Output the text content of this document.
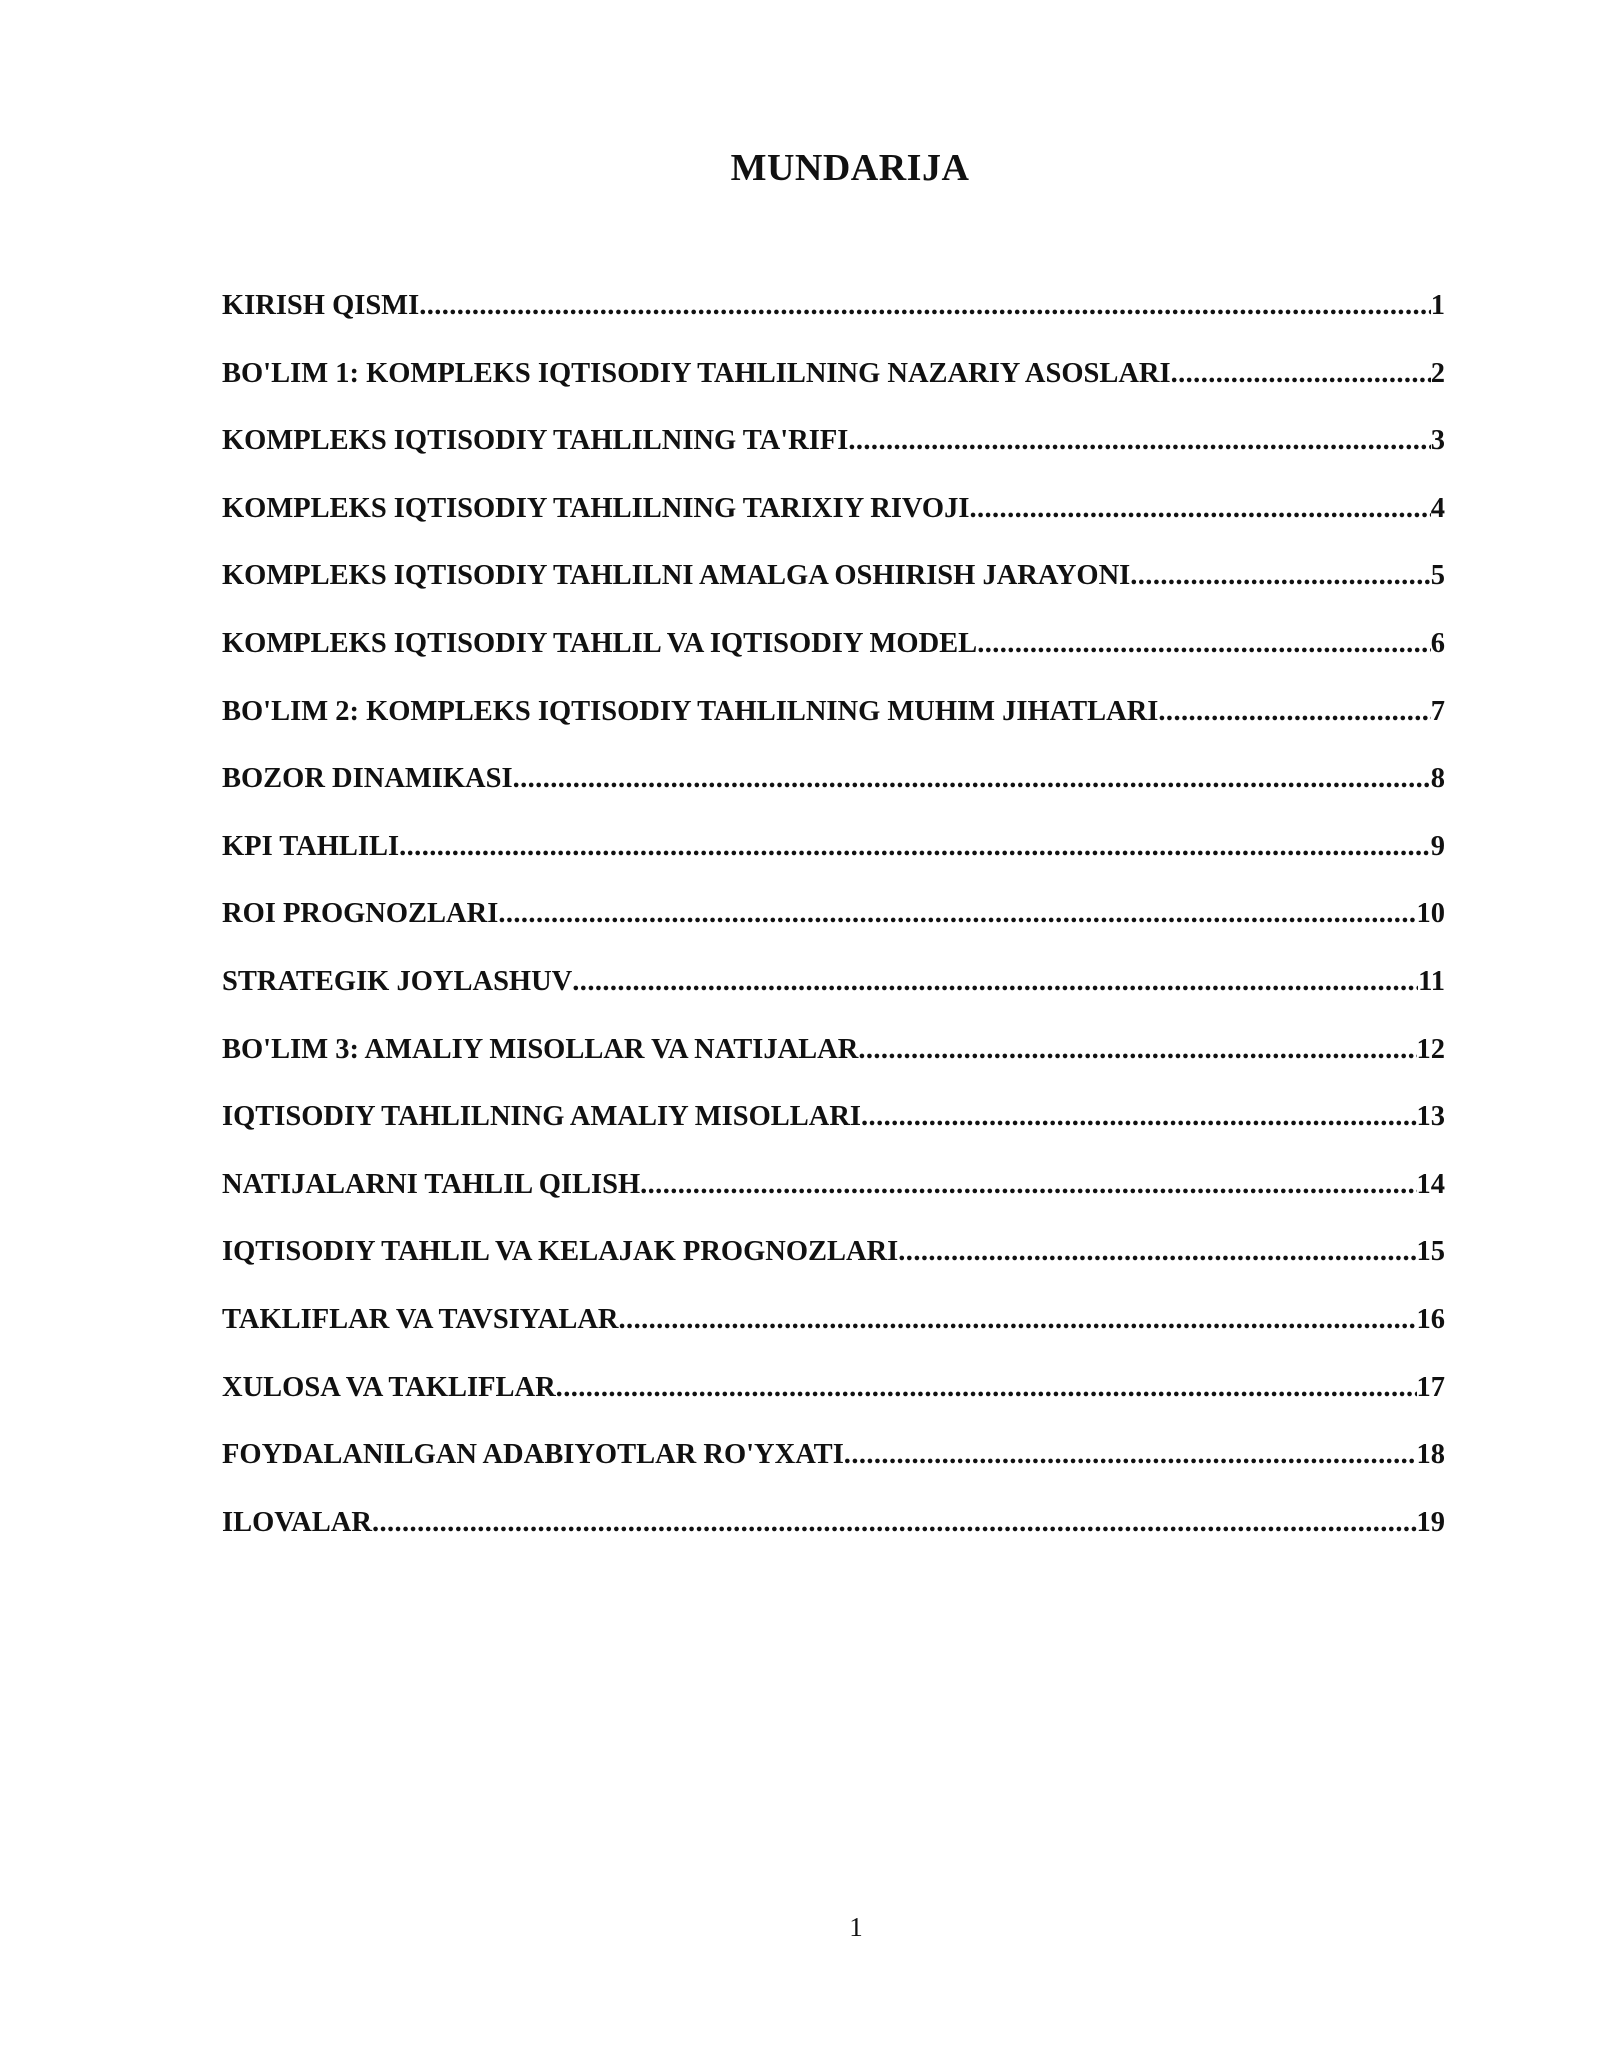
MUNDARIJA
KIRISH QISMI .....	1
BO'LIM 1: KOMPLEKS IQTISODIY TAHLILNING NAZARIY ASOSLARI .....	2
KOMPLEKS IQTISODIY TAHLILNING TA'RIFI .....	3
KOMPLEKS IQTISODIY TAHLILNING TARIXIY RIVOJI .....	4
KOMPLEKS IQTISODIY TAHLILNI AMALGA OSHIRISH JARAYONI .....	5
KOMPLEKS IQTISODIY TAHLIL VA IQTISODIY MODEL .....	6
BO'LIM 2: KOMPLEKS IQTISODIY TAHLILNING MUHIM JIHATLARI .....	7
BOZOR DINAMIKASI .....	8
KPI TAHLILI .....	9
ROI PROGNOZLARI .....	10
STRATEGIK JOYLASHUV .....	11
BO'LIM 3: AMALIY MISOLLAR VA NATIJALAR .....	12
IQTISODIY TAHLILNING AMALIY MISOLLARI .....	13
NATIJALARNI TAHLIL QILISH .....	14
IQTISODIY TAHLIL VA KELAJAK PROGNOZLARI .....	15
TAKLIFLAR VA TAVSIYALAR .....	16
XULOSA VA TAKLIFLAR .....	17
FOYDALANILGAN ADABIYOTLAR RO'YXATI .....	18
ILOVALAR .....	19
1
